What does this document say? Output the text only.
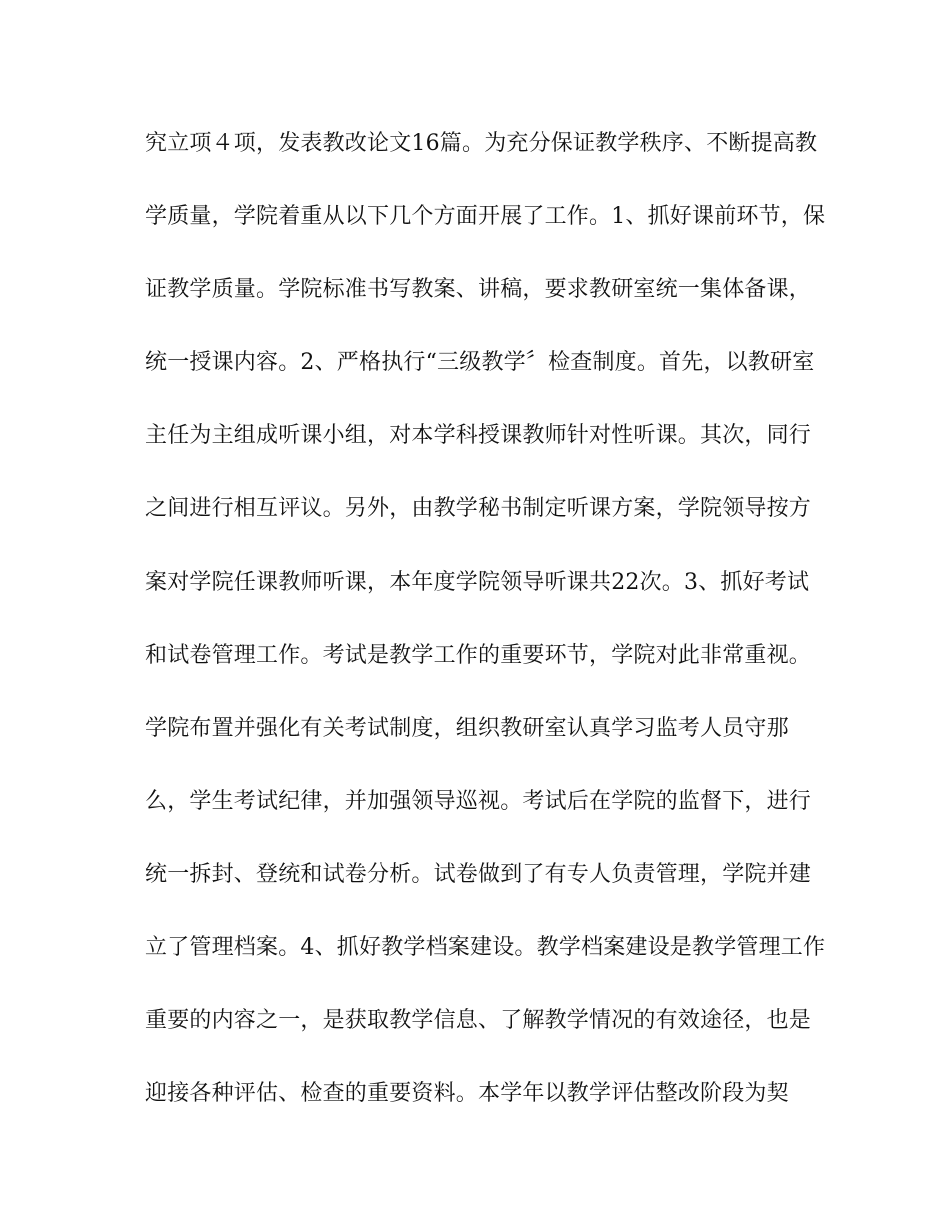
究立项４项，发表教改论文16篇。为充分保证教学秩序、不断提高教
学质量，学院着重从以下几个方面开展了工作。1、抓好课前环节，保
证教学质量。学院标准书写教案、讲稿，要求教研室统一集体备课，
统一授课内容。2、严格执行“三级教学〞检查制度。首先，以教研室
主任为主组成听课小组，对本学科授课教师针对性听课。其次，同行
之间进行相互评议。另外，由教学秘书制定听课方案，学院领导按方
案对学院任课教师听课，本年度学院领导听课共22次。3、抓好考试
和试卷管理工作。考试是教学工作的重要环节，学院对此非常重视。
学院布置并强化有关考试制度，组织教研室认真学习监考人员守那
么，学生考试纪律，并加强领导巡视。考试后在学院的监督下，进行
统一拆封、登统和试卷分析。试卷做到了有专人负责管理，学院并建
立了管理档案。4、抓好教学档案建设。教学档案建设是教学管理工作
重要的内容之一，是获取教学信息、了解教学情况的有效途径，也是
迎接各种评估、检查的重要资料。本学年以教学评估整改阶段为契
